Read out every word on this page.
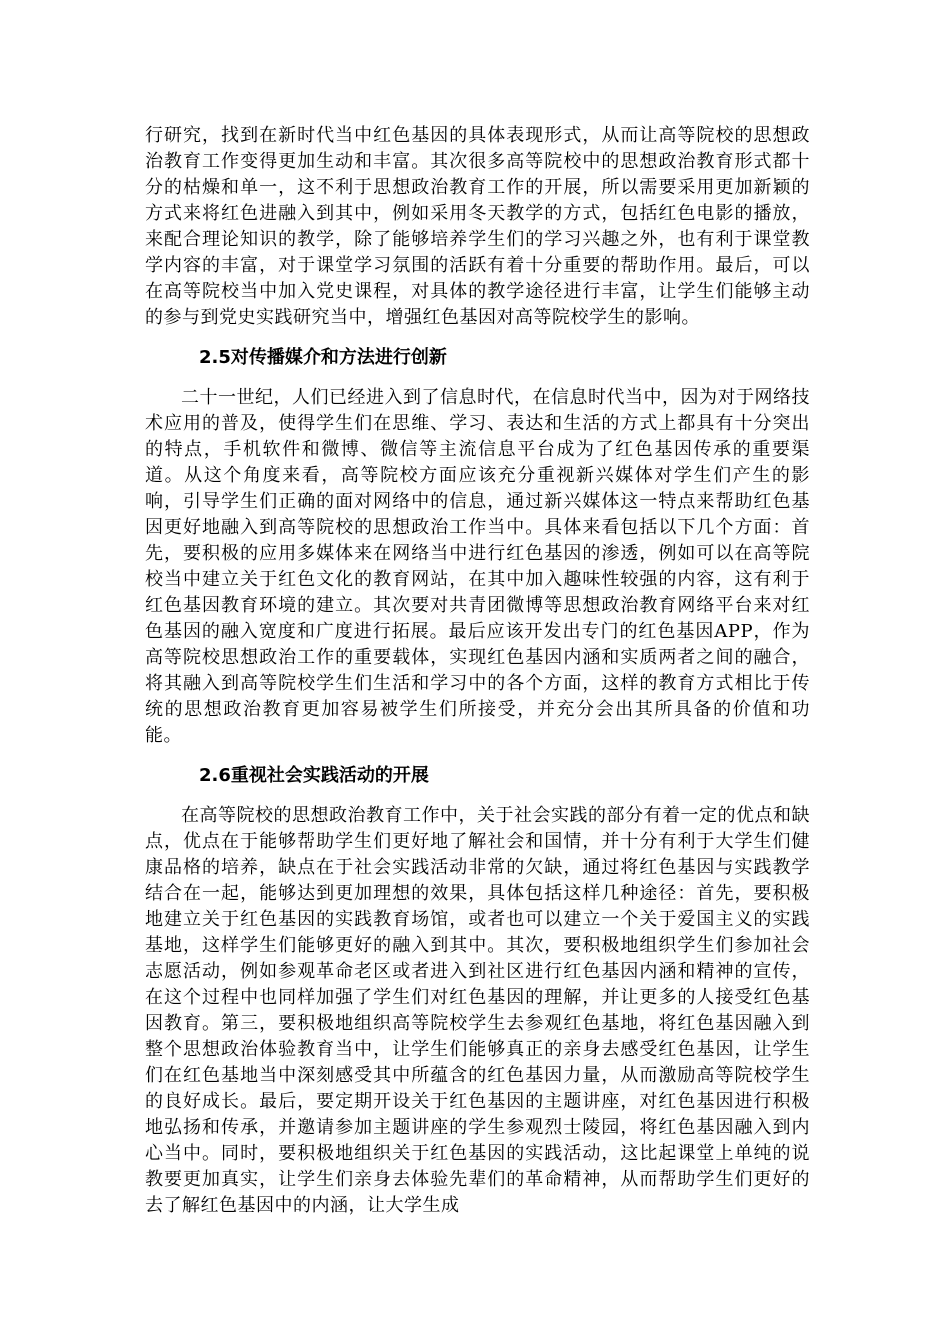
行研究，找到在新时代当中红色基因的具体表现形式，从而让高等院校的思想政治教育工作变得更加生动和丰富。其次很多高等院校中的思想政治教育形式都十分的枯燥和单一，这不利于思想政治教育工作的开展，所以需要采用更加新颖的方式来将红色进融入到其中，例如采用冬天教学的方式，包括红色电影的播放，来配合理论知识的教学，除了能够培养学生们的学习兴趣之外，也有利于课堂教学内容的丰富，对于课堂学习氛围的活跃有着十分重要的帮助作用。最后，可以在高等院校当中加入党史课程，对具体的教学途径进行丰富，让学生们能够主动的参与到党史实践研究当中，增强红色基因对高等院校学生的影响。

2.5对传播媒介和方法进行创新

二十一世纪，人们已经进入到了信息时代，在信息时代当中，因为对于网络技术应用的普及，使得学生们在思维、学习、表达和生活的方式上都具有十分突出的特点，手机软件和微博、微信等主流信息平台成为了红色基因传承的重要渠道。从这个角度来看，高等院校方面应该充分重视新兴媒体对学生们产生的影响，引导学生们正确的面对网络中的信息，通过新兴媒体这一特点来帮助红色基因更好地融入到高等院校的思想政治工作当中。具体来看包括以下几个方面：首先，要积极的应用多媒体来在网络当中进行红色基因的渗透，例如可以在高等院校当中建立关于红色文化的教育网站，在其中加入趣味性较强的内容，这有利于红色基因教育环境的建立。其次要对共青团微博等思想政治教育网络平台来对红色基因的融入宽度和广度进行拓展。最后应该开发出专门的红色基因APP，作为高等院校思想政治工作的重要载体，实现红色基因内涵和实质两者之间的融合，将其融入到高等院校学生们生活和学习中的各个方面，这样的教育方式相比于传统的思想政治教育更加容易被学生们所接受，并充分会出其所具备的价值和功能。

2.6重视社会实践活动的开展

在高等院校的思想政治教育工作中，关于社会实践的部分有着一定的优点和缺点，优点在于能够帮助学生们更好地了解社会和国情，并十分有利于大学生们健康品格的培养，缺点在于社会实践活动非常的欠缺，通过将红色基因与实践教学结合在一起，能够达到更加理想的效果，具体包括这样几种途径：首先，要积极地建立关于红色基因的实践教育场馆，或者也可以建立一个关于爱国主义的实践基地，这样学生们能够更好的融入到其中。其次，要积极地组织学生们参加社会志愿活动，例如参观革命老区或者进入到社区进行红色基因内涵和精神的宣传，在这个过程中也同样加强了学生们对红色基因的理解，并让更多的人接受红色基因教育。第三，要积极地组织高等院校学生去参观红色基地，将红色基因融入到整个思想政治体验教育当中，让学生们能够真正的亲身去感受红色基因，让学生们在红色基地当中深刻感受其中所蕴含的红色基因力量，从而激励高等院校学生的良好成长。最后，要定期开设关于红色基因的主题讲座，对红色基因进行积极地弘扬和传承，并邀请参加主题讲座的学生参观烈士陵园，将红色基因融入到内心当中。同时，要积极地组织关于红色基因的实践活动，这比起课堂上单纯的说教要更加真实，让学生们亲身去体验先辈们的革命精神，从而帮助学生们更好的去了解红色基因中的内涵，让大学生成
